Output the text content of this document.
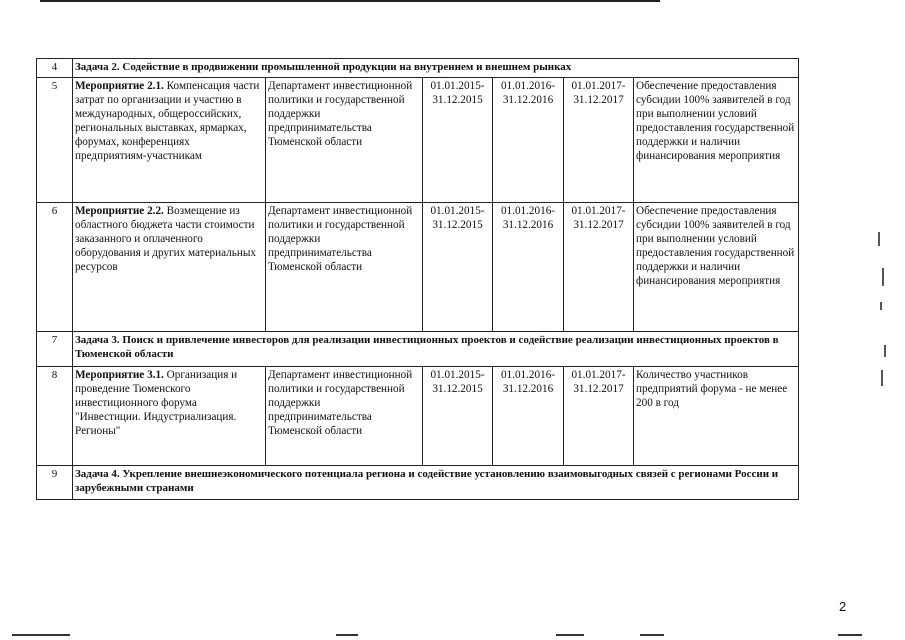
4	Задача 2. Содействие в продвижении промышленной продукции на внутреннем и внешнем рынках					
5	Мероприятие 2.1. Компенсация части затрат по организации и участию в международных, общероссийских, региональных выставках, ярмарках, форумах, конференциях предприятиям-участникам	Департамент инвестиционной политики и государственной поддержки предпринимательства Тюменской области	01.01.2015-31.12.2015	01.01.2016-31.12.2016	01.01.2017-31.12.2017	Обеспечение предоставления субсидии 100% заявителей в год при выполнении условий предоставления государственной поддержки и наличии финансирования мероприятия
6	Мероприятие 2.2. Возмещение из областного бюджета части стоимости заказанного и оплаченного оборудования и других материальных ресурсов	Департамент инвестиционной политики и государственной поддержки предпринимательства Тюменской области	01.01.2015-31.12.2015	01.01.2016-31.12.2016	01.01.2017-31.12.2017	Обеспечение предоставления субсидии 100% заявителей в год при выполнении условий предоставления государственной поддержки и наличии финансирования мероприятия
7	Задача 3. Поиск и привлечение инвесторов для реализации инвестиционных проектов и содействие реализации инвестиционных проектов в Тюменской области					
8	Мероприятие 3.1. Организация и проведение Тюменского инвестиционного форума "Инвестиции. Индустриализация. Регионы"	Департамент инвестиционной политики и государственной поддержки предпринимательства Тюменской области	01.01.2015-31.12.2015	01.01.2016-31.12.2016	01.01.2017-31.12.2017	Количество участников предприятий форума - не менее 200 в год
9	Задача 4. Укрепление внешнеэкономического потенциала региона и содействие установлению взаимовыгодных связей с регионами России и зарубежными странами					
2
